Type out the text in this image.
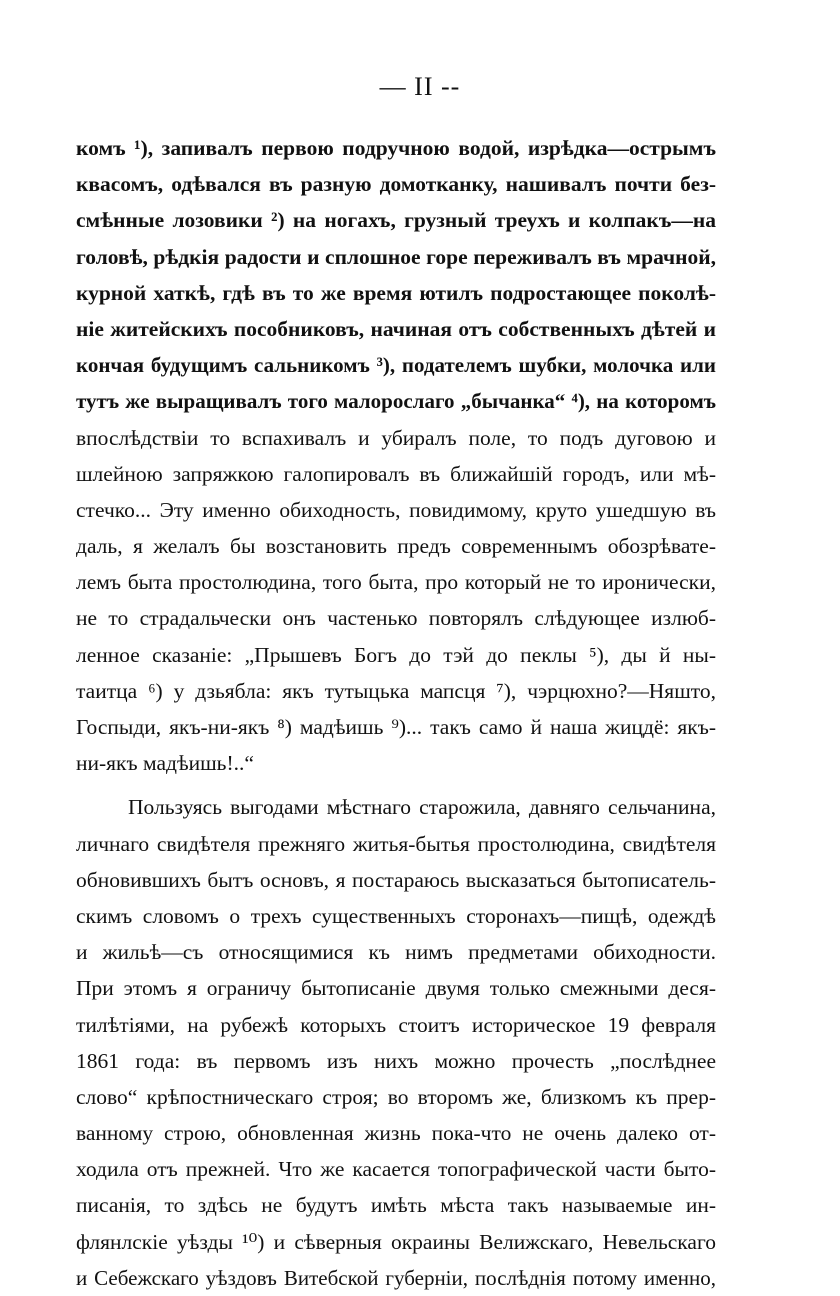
— II --
комъ ¹), запивалъ первою подручною водой, изрѣдка—острымъ
квасомъ, одѣвался въ разную домотканку, нашивалъ почти без-
смѣнные лозовики ²) на ногахъ, грузный треухъ и колпакъ—на
головѣ, рѣдкія радости и сплошное горе переживалъ въ мрачной,
курной хаткѣ, гдѣ въ то же время ютилъ подростающее поколѣ-
ніе житейскихъ пособниковъ, начиная отъ собственныхъ дѣтей и
кончая будущимъ сальникомъ ³), подателемъ шубки, молочка или
тутъ же выращивалъ того малорослаго „бычанка“ ⁴), на которомъ
впослѣдствіи то вспахивалъ и убиралъ поле, то подъ дуговою и
шлейною запряжкою галопировалъ въ ближайшій городъ, или мѣ-
стечко... Эту именно обиходность, повидимому, круто ушедшую въ
даль, я желалъ бы возстановить предъ современнымъ обозрѣвате-
лемъ быта простолюдина, того быта, про который не то иронически,
не то страдальчески онъ частенько повторялъ слѣдующее излюб-
ленное сказаніе: „Прышевъ Богъ до тэй до пеклы ⁵), ды й ны-
таитца ⁶) у дзьябла: якъ тутыцька мапсця ⁷), чэрцюхно?—Няшто,
Госпыди, якъ-ни-якъ ⁸) мадѣишь ⁹)... такъ само й наша жицдё: якъ-
ни-якъ мадѣишь!..“
Пользуясь выгодами мѣстнаго старожила, давняго сельчанина,
личнаго свидѣтеля прежняго житья-бытья простолюдина, свидѣтеля
обновившихъ бытъ основъ, я постараюсь высказаться бытописатель-
скимъ словомъ о трехъ существенныхъ сторонахъ—пищѣ, одеждѣ
и жильѣ—съ относящимися къ нимъ предметами обиходности.
При этомъ я ограничу бытописаніе двумя только смежными деся-
тилѣтіями, на рубежѣ которыхъ стоитъ историческое 19 февраля
1861 года: въ первомъ изъ нихъ можно прочесть „послѣднее
слово“ крѣпостническаго строя; во второмъ же, близкомъ къ прер-
ванному строю, обновленная жизнь пока-что не очень далеко от-
ходила отъ прежней. Что же касается топографической части быто-
писанія, то здѣсь не будутъ имѣть мѣста такъ называемые ин-
флянлскіе уѣзды ¹⁰) и сѣверныя окраины Велижскаго, Невельскаго
и Себежскаго уѣздовъ Витебской губерніи, послѣднія потому именно,
